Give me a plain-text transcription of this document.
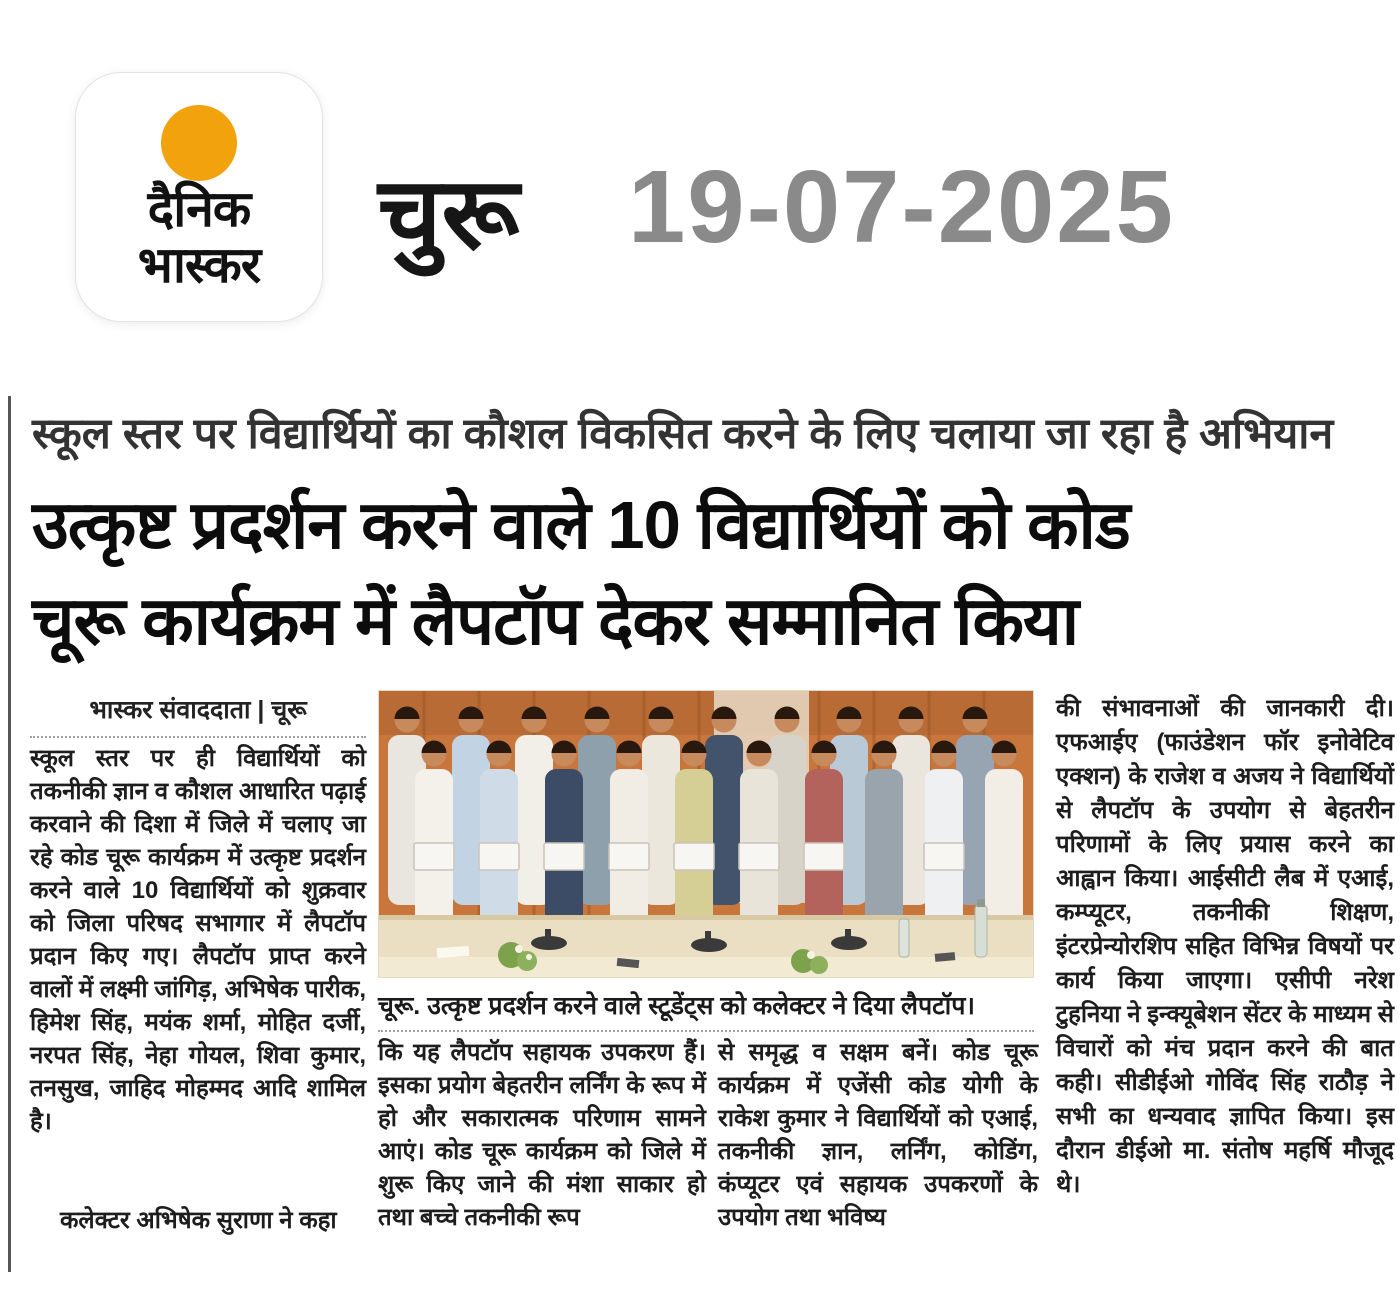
दैनिक
भास्कर	चुरू 19-07-2025
स्कूल स्तर पर विद्यार्थियों का कौशल विकसित करने के लिए चलाया जा रहा है अभियान
उत्कृष्ट प्रदर्शन करने वाले 10 विद्यार्थियों को कोड
चूरू कार्यक्रम में लैपटॉप देकर सम्मानित किया
भास्कर संवाददाता | चूरू
स्कूल स्तर पर ही विद्यार्थियों को तकनीकी ज्ञान व कौशल आधारित पढ़ाई करवाने की दिशा में जिले में चलाए जा रहे कोड चूरू कार्यक्रम में उत्कृष्ट प्रदर्शन करने वाले 10 विद्यार्थियों को शुक्रवार को जिला परिषद सभागार में लैपटॉप प्रदान किए गए। लैपटॉप प्राप्त करने वालों में लक्ष्मी जांगिड़, अभिषेक पारीक, हिमेश सिंह, मयंक शर्मा, मोहित दर्जी, नरपत सिंह, नेहा गोयल, शिवा कुमार, तनसुख, जाहिद मोहम्मद आदि शामिल है।
कलेक्टर अभिषेक सुराणा ने कहा
चूरू. उत्कृष्ट प्रदर्शन करने वाले स्टूडेंट्स को कलेक्टर ने दिया लैपटॉप।
कि यह लैपटॉप सहायक उपकरण हैं। इसका प्रयोग बेहतरीन लर्निंग के रूप में हो और सकारात्मक परिणाम सामने आएं। कोड चूरू कार्यक्रम को जिले में शुरू किए जाने की मंशा साकार हो तथा बच्चे तकनीकी रूप
से समृद्ध व सक्षम बनें। कोड चूरू कार्यक्रम में एजेंसी कोड योगी के राकेश कुमार ने विद्यार्थियों को एआई, तकनीकी ज्ञान, लर्निंग, कोडिंग, कंप्यूटर एवं सहायक उपकरणों के उपयोग तथा भविष्य
की संभावनाओं की जानकारी दी। एफआईए (फाउंडेशन फॉर इनोवेटिव एक्शन) के राजेश व अजय ने विद्यार्थियों से लैपटॉप के उपयोग से बेहतरीन परिणामों के लिए प्रयास करने का आह्वान किया। आईसीटी लैब में एआई, कम्प्यूटर, तकनीकी शिक्षण, इंटरप्रेन्योरशिप सहित विभिन्न विषयों पर कार्य किया जाएगा। एसीपी नरेश टुहनिया ने इन्क्यूबेशन सेंटर के माध्यम से विचारों को मंच प्रदान करने की बात कही। सीडीईओ गोविंद सिंह राठौड़ ने सभी का धन्यवाद ज्ञापित किया। इस दौरान डीईओ मा. संतोष महर्षि मौजूद थे।
